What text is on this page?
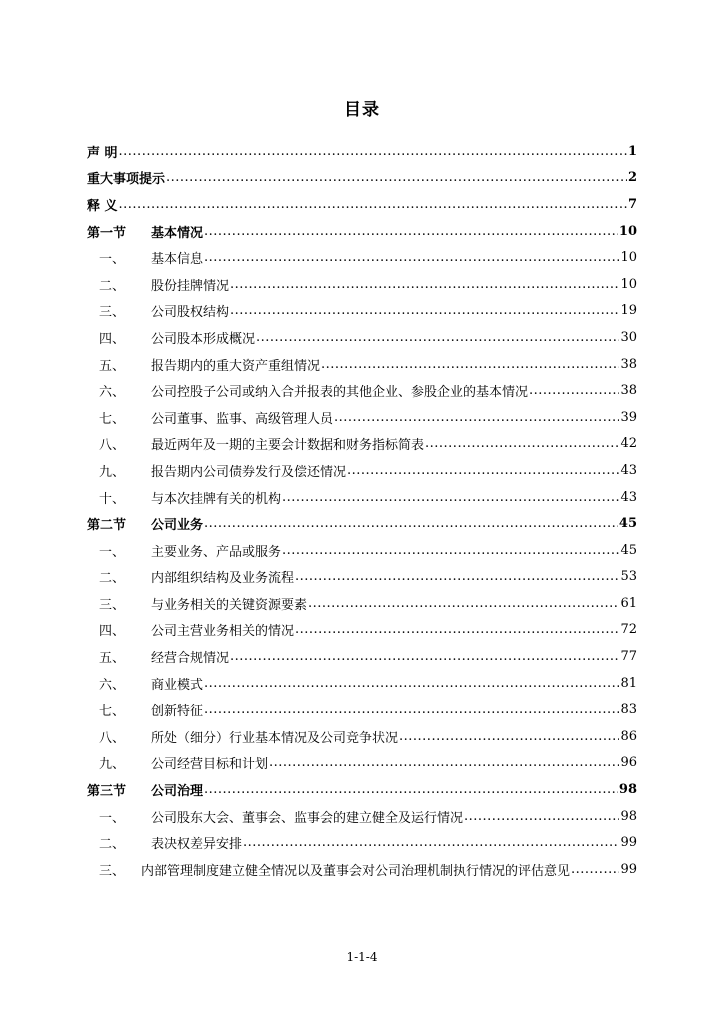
目录
声 明 .....	1
重大事项提示 .....	2
释 义 .....	7
第一节	基本情况 .....	10
一、	基本信息 .....	10
二、	股份挂牌情况 .....	10
三、	公司股权结构 .....	19
四、	公司股本形成概况 .....	30
五、	报告期内的重大资产重组情况 .....	38
六、	公司控股子公司或纳入合并报表的其他企业、参股企业的基本情况 .....	38
七、	公司董事、监事、高级管理人员 .....	39
八、	最近两年及一期的主要会计数据和财务指标简表 .....	42
九、	报告期内公司债券发行及偿还情况 .....	43
十、	与本次挂牌有关的机构 .....	43
第二节	公司业务 .....	45
一、	主要业务、产品或服务 .....	45
二、	内部组织结构及业务流程 .....	53
三、	与业务相关的关键资源要素 .....	61
四、	公司主营业务相关的情况 .....	72
五、	经营合规情况 .....	77
六、	商业模式 .....	81
七、	创新特征 .....	83
八、	所处（细分）行业基本情况及公司竞争状况 .....	86
九、	公司经营目标和计划 .....	96
第三节	公司治理 .....	98
一、	公司股东大会、董事会、监事会的建立健全及运行情况 .....	98
二、	表决权差异安排 .....	99
三、	内部管理制度建立健全情况以及董事会对公司治理机制执行情况的评估意见 .....	99
1-1-4
